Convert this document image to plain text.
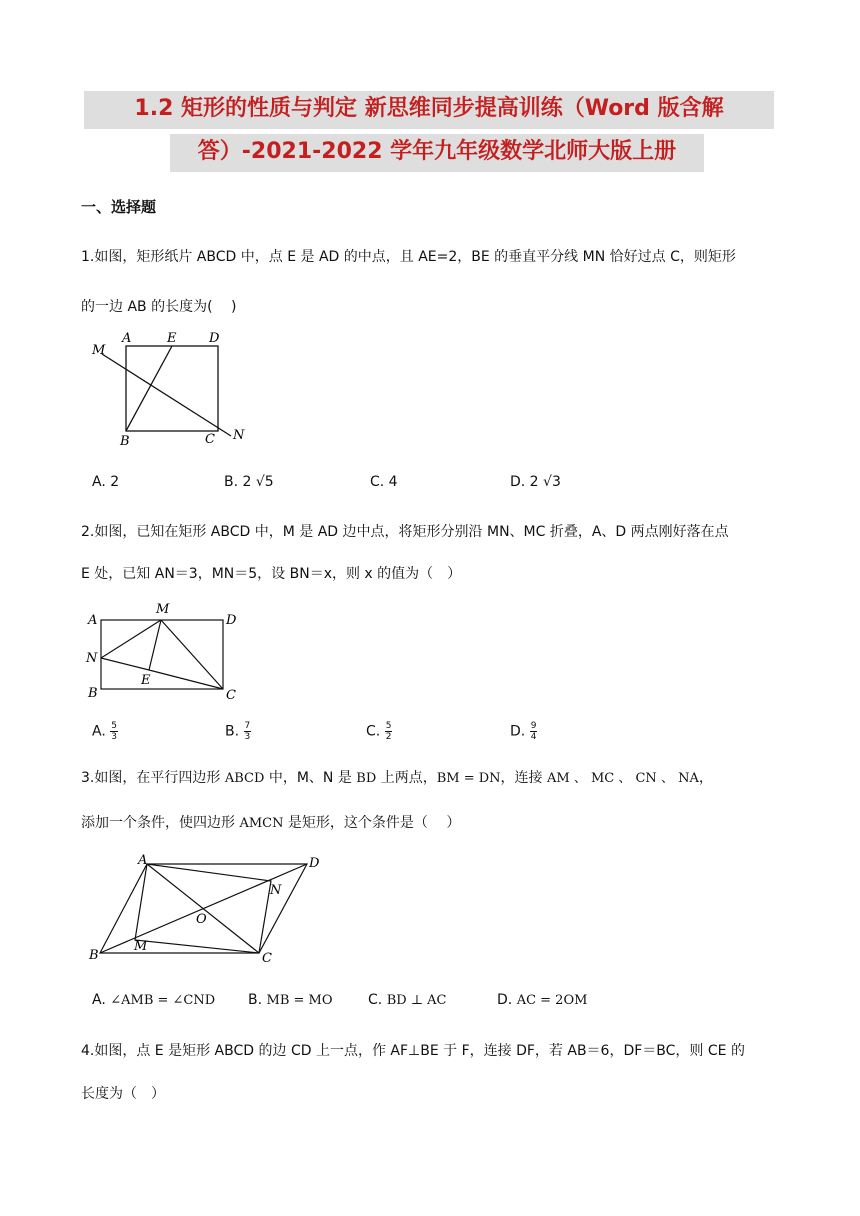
1.2 矩形的性质与判定 新思维同步提高训练（Word 版含解
答）-2021-2022 学年九年级数学北师大版上册
一、选择题
1.如图，矩形纸片 ABCD 中，点 E 是 AD 的中点，且 AE=2，BE 的垂直平分线 MN 恰好过点 C，则矩形
的一边 AB 的长度为(　 )
A	E	D
M
B	C N
A. 2	B. 2 √5	C. 4	D. 2 √3
2.如图，已知在矩形 ABCD 中，M 是 AD 边中点，将矩形分别沿 MN、MC 折叠，A、D 两点刚好落在点
E 处，已知 AN＝3，MN＝5，设 BN＝x，则 x 的值为（　）
A
M
D
N
E
B	C
A. $\frac{5}{3}$	B. $\frac{7}{3}$	C. $\frac{5}{2}$	D. $\frac{9}{4}$
3.如图，在平行四边形 ABCD 中，M、N 是 BD 上两点，BM = DN，连接 AM 、 MC 、 CN 、 NA，
添加一个条件，使四边形 AMCN 是矩形，这个条件是（　 ）
A	D
N
O
B
M
C
A. ∠AMB = ∠CND B. MB = MO	C. BD ⊥ AC	D. AC = 2OM
4.如图，点 E 是矩形 ABCD 的边 CD 上一点，作 AF⊥BE 于 F，连接 DF，若 AB＝6，DF＝BC，则 CE 的
长度为（　）
